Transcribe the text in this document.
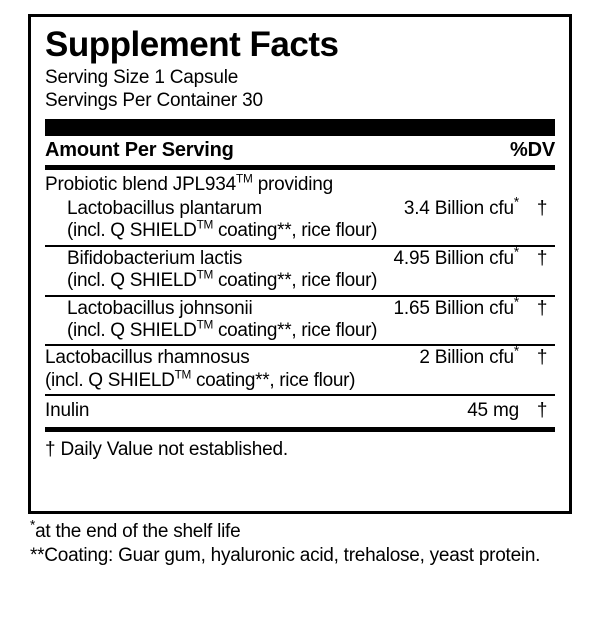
Supplement Facts
Serving Size 1 Capsule
Servings Per Container 30
Amount Per Serving	%DV
Probiotic blend JPL934™ providing
Lactobacillus plantarum	3.4 Billion cfu* †
(incl. Q SHIELD™ coating**, rice flour)
Bifidobacterium lactis	4.95 Billion cfu* †
(incl. Q SHIELD™ coating**, rice flour)
Lactobacillus johnsonii	1.65 Billion cfu* †
(incl. Q SHIELD™ coating**, rice flour)
Lactobacillus rhamnosus	2 Billion cfu* †
(incl. Q SHIELD™ coating**, rice flour)
Inulin	45 mg †
† Daily Value not established.
*at the end of the shelf life
**Coating: Guar gum, hyaluronic acid, trehalose, yeast protein.
